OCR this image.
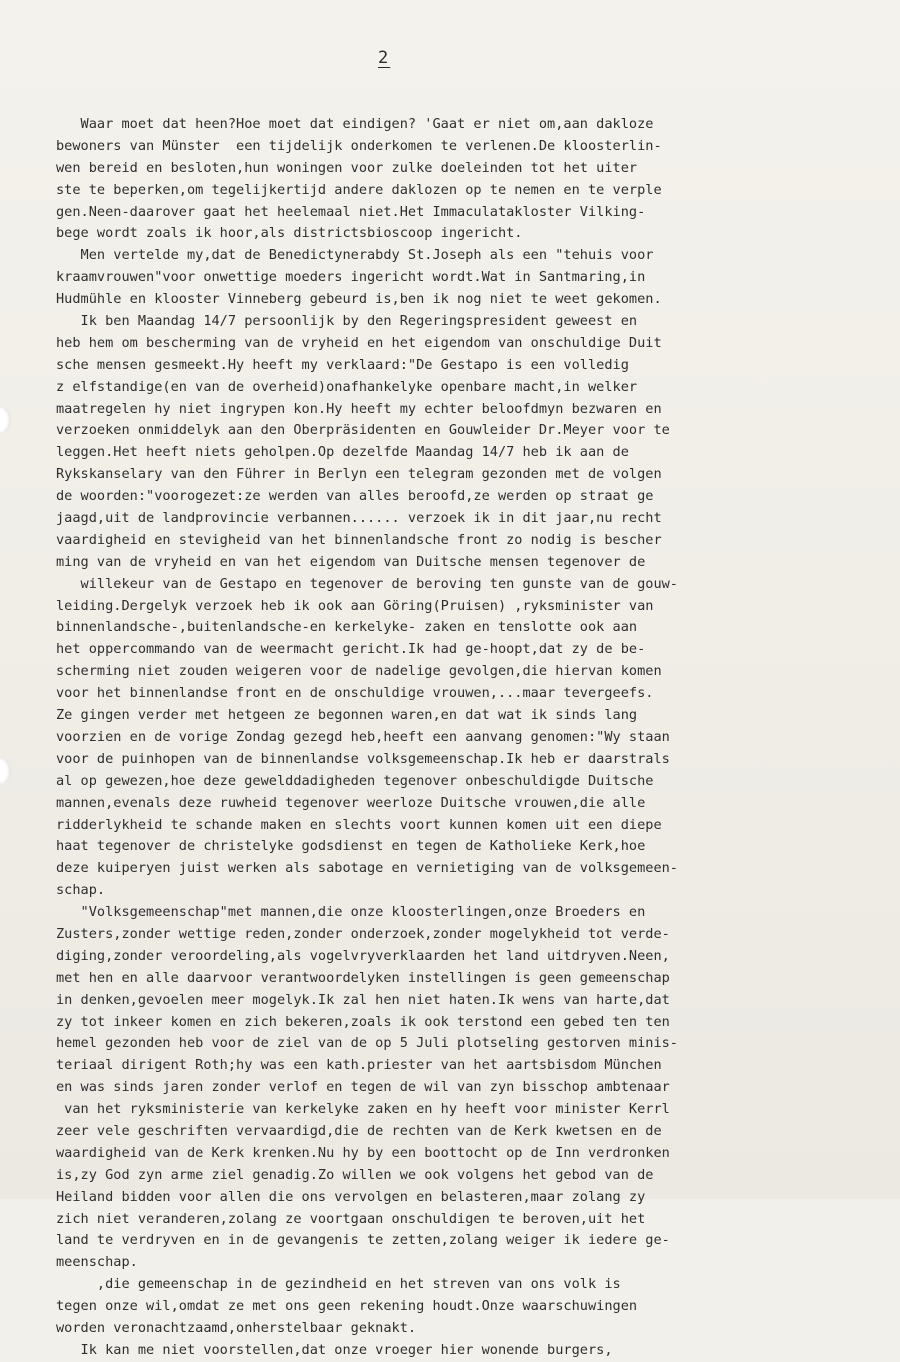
2
Waar moet dat heen?Hoe moet dat eindigen? 'Gaat er niet om,aan dakloze
bewoners van Münster  een tijdelijk onderkomen te verlenen.De kloosterlin-
wen bereid en besloten,hun woningen voor zulke doeleinden tot het uiter
ste te beperken,om tegelijkertijd andere daklozen op te nemen en te verple
gen.Neen-daarover gaat het heelemaal niet.Het Immaculatakloster Vilking-
bege wordt zoals ik hoor,als districtsbioscoop ingericht.
Men vertelde my,dat de Benedictynerabdy St.Joseph als een "tehuis voor
kraamvrouwen"voor onwettige moeders ingericht wordt.Wat in Santmaring,in
Hudmühle en klooster Vinneberg gebeurd is,ben ik nog niet te weet gekomen.
Ik ben Maandag 14/7 persoonlijk by den Regeringspresident geweest en
heb hem om bescherming van de vryheid en het eigendom van onschuldige Duit
sche mensen gesmeekt.Hy heeft my verklaard:"De Gestapo is een volledig
z elfstandige(en van de overheid)onafhankelyke openbare macht,in welker
maatregelen hy niet ingrypen kon.Hy heeft my echter beloofdmyn bezwaren en
verzoeken onmiddelyk aan den Oberpräsidenten en Gouwleider Dr.Meyer voor te
leggen.Het heeft niets geholpen.Op dezelfde Maandag 14/7 heb ik aan de
Rykskanselary van den Führer in Berlyn een telegram gezonden met de volgen
de woorden:"voorogezet:ze werden van alles beroofd,ze werden op straat ge
jaagd,uit de landprovincie verbannen...... verzoek ik in dit jaar,nu recht
vaardigheid en stevigheid van het binnenlandsche front zo nodig is bescher
ming van de vryheid en van het eigendom van Duitsche mensen tegenover de
willekeur van de Gestapo en tegenover de beroving ten gunste van de gouw-
leiding.Dergelyk verzoek heb ik ook aan Göring(Pruisen) ,ryksminister van
binnenlandsche-,buitenlandsche-en kerkelyke- zaken en tenslotte ook aan
het oppercommando van de weermacht gericht.Ik had ge-hoopt,dat zy de be-
scherming niet zouden weigeren voor de nadelige gevolgen,die hiervan komen
voor het binnenlandse front en de onschuldige vrouwen,...maar tevergeefs.
Ze gingen verder met hetgeen ze begonnen waren,en dat wat ik sinds lang
voorzien en de vorige Zondag gezegd heb,heeft een aanvang genomen:"Wy staan
voor de puinhopen van de binnenlandse volksgemeenschap.Ik heb er daarstrals
al op gewezen,hoe deze gewelddadigheden tegenover onbeschuldigde Duitsche
mannen,evenals deze ruwheid tegenover weerloze Duitsche vrouwen,die alle
ridderlykheid te schande maken en slechts voort kunnen komen uit een diepe
haat tegenover de christelyke godsdienst en tegen de Katholieke Kerk,hoe
deze kuiperyen juist werken als sabotage en vernietiging van de volksgemeen-
schap.
"Volksgemeenschap"met mannen,die onze kloosterlingen,onze Broeders en
Zusters,zonder wettige reden,zonder onderzoek,zonder mogelykheid tot verde-
diging,zonder veroordeling,als vogelvryverklaarden het land uitdryven.Neen,
met hen en alle daarvoor verantwoordelyken instellingen is geen gemeenschap
in denken,gevoelen meer mogelyk.Ik zal hen niet haten.Ik wens van harte,dat
zy tot inkeer komen en zich bekeren,zoals ik ook terstond een gebed ten ten
hemel gezonden heb voor de ziel van de op 5 Juli plotseling gestorven minis-
teriaal dirigent Roth;hy was een kath.priester van het aartsbisdom München
en was sinds jaren zonder verlof en tegen de wil van zyn bisschop ambtenaar
van het ryksministerie van kerkelyke zaken en hy heeft voor minister Kerrl
zeer vele geschriften vervaardigd,die de rechten van de Kerk kwetsen en de
waardigheid van de Kerk krenken.Nu hy by een boottocht op de Inn verdronken
is,zy God zyn arme ziel genadig.Zo willen we ook volgens het gebod van de
Heiland bidden voor allen die ons vervolgen en belasteren,maar zolang zy
zich niet veranderen,zolang ze voortgaan onschuldigen te beroven,uit het
land te verdryven en in de gevangenis te zetten,zolang weiger ik iedere ge-
meenschap.
,die gemeenschap in de gezindheid en het streven van ons volk is
tegen onze wil,omdat ze met ons geen rekening houdt.Onze waarschuwingen
worden veronachtzaamd,onherstelbaar geknakt.
Ik kan me niet voorstellen,dat onze vroeger hier wonende burgers,
